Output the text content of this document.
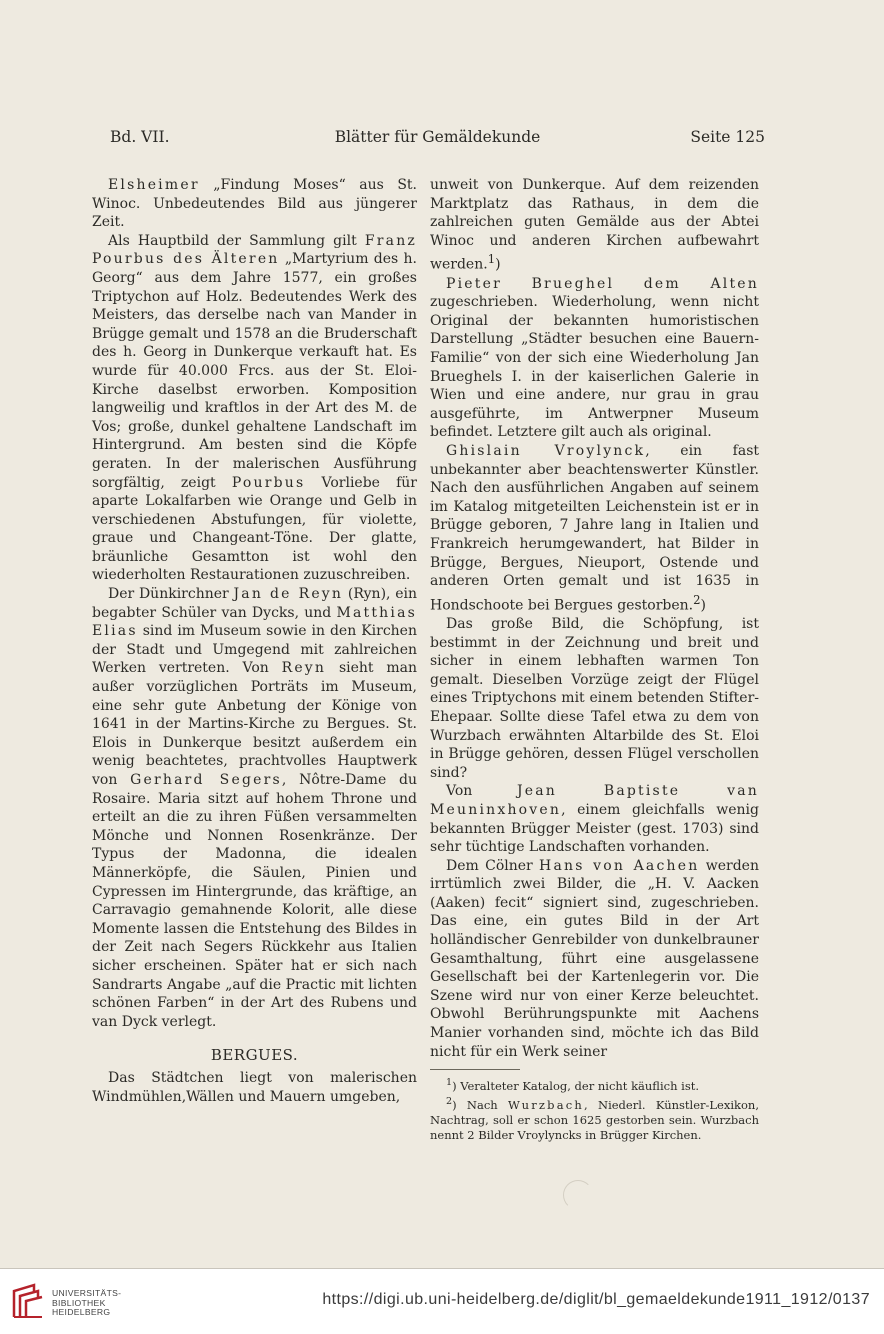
Bd. VII.	Blätter für Gemäldekunde	Seite 125

Elsheimer „Findung Moses“ aus St. Winoc. Unbedeutendes Bild aus jüngerer Zeit.

Als Hauptbild der Sammlung gilt Franz Pourbus des Älteren „Martyrium des h. Georg“ aus dem Jahre 1577, ein großes Triptychon auf Holz. Bedeutendes Werk des Meisters, das derselbe nach van Mander in Brügge gemalt und 1578 an die Bruderschaft des h. Georg in Dunkerque verkauft hat. Es wurde für 40.000 Frcs. aus der St. Eloi-Kirche daselbst erworben. Komposition langweilig und kraftlos in der Art des M. de Vos; große, dunkel gehaltene Landschaft im Hintergrund. Am besten sind die Köpfe geraten. In der malerischen Ausführung sorgfältig, zeigt Pourbus Vorliebe für aparte Lokalfarben wie Orange und Gelb in verschiedenen Abstufungen, für violette, graue und Changeant-Töne. Der glatte, bräunliche Gesamtton ist wohl den wiederholten Restaurationen zuzuschreiben.

Der Dünkirchner Jan de Reyn (Ryn), ein begabter Schüler van Dycks, und Matthias Elias sind im Museum sowie in den Kirchen der Stadt und Umgegend mit zahlreichen Werken vertreten. Von Reyn sieht man außer vorzüglichen Porträts im Museum, eine sehr gute Anbetung der Könige von 1641 in der Martins-Kirche zu Bergues. St. Elois in Dunkerque besitzt außerdem ein wenig beachtetes, prachtvolles Hauptwerk von Gerhard Segers, Nôtre-Dame du Rosaire. Maria sitzt auf hohem Throne und erteilt an die zu ihren Füßen versammelten Mönche und Nonnen Rosenkränze. Der Typus der Madonna, die idealen Männerköpfe, die Säulen, Pinien und Cypressen im Hintergrunde, das kräftige, an Carravagio gemahnende Kolorit, alle diese Momente lassen die Entstehung des Bildes in der Zeit nach Segers Rückkehr aus Italien sicher erscheinen. Später hat er sich nach Sandrarts Angabe „auf die Practic mit lichten schönen Farben“ in der Art des Rubens und van Dyck verlegt.

BERGUES.

Das Städtchen liegt von malerischen Windmühlen,Wällen und Mauern umgeben,

unweit von Dunkerque. Auf dem reizenden Marktplatz das Rathaus, in dem die zahlreichen guten Gemälde aus der Abtei Winoc und anderen Kirchen aufbewahrt werden.$^1$)

Pieter Brueghel dem Alten zugeschrieben. Wiederholung, wenn nicht Original der bekannten humoristischen Darstellung „Städter besuchen eine Bauern-Familie“ von der sich eine Wiederholung Jan Brueghels I. in der kaiserlichen Galerie in Wien und eine andere, nur grau in grau ausgeführte, im Antwerpner Museum befindet. Letztere gilt auch als original.

Ghislain Vroylynck, ein fast unbekannter aber beachtenswerter Künstler. Nach den ausführlichen Angaben auf seinem im Katalog mitgeteilten Leichenstein ist er in Brügge geboren, 7 Jahre lang in Italien und Frankreich herumgewandert, hat Bilder in Brügge, Bergues, Nieuport, Ostende und anderen Orten gemalt und ist 1635 in Hondschoote bei Bergues gestorben.$^2$)

Das große Bild, die Schöpfung, ist bestimmt in der Zeichnung und breit und sicher in einem lebhaften warmen Ton gemalt. Dieselben Vorzüge zeigt der Flügel eines Triptychons mit einem betenden Stifter-Ehepaar. Sollte diese Tafel etwa zu dem von Wurzbach erwähnten Altarbilde des St. Eloi in Brügge gehören, dessen Flügel verschollen sind?

Von Jean Baptiste van Meuninxhoven, einem gleichfalls wenig bekannten Brügger Meister (gest. 1703) sind sehr tüchtige Landschaften vorhanden.

Dem Cölner Hans von Aachen werden irrtümlich zwei Bilder, die „H. V. Aacken (Aaken) fecit“ signiert sind, zugeschrieben. Das eine, ein gutes Bild in der Art holländischer Genrebilder von dunkelbrauner Gesamthaltung, führt eine ausgelassene Gesellschaft bei der Kartenlegerin vor. Die Szene wird nur von einer Kerze beleuchtet. Obwohl Berührungspunkte mit Aachens Manier vorhanden sind, möchte ich das Bild nicht für ein Werk seiner

$^1$) Veralteter Katalog, der nicht käuflich ist.

$^2$) Nach Wurzbach, Niederl. Künstler-Lexikon, Nachtrag, soll er schon 1625 gestorben sein. Wurzbach nennt 2 Bilder Vroylyncks in Brügger Kirchen.

UNIVERSITÄTS-
BIBLIOTHEK
HEIDELBERG
https://digi.ub.uni-heidelberg.de/diglit/bl_gemaeldekunde1911_1912/0137
